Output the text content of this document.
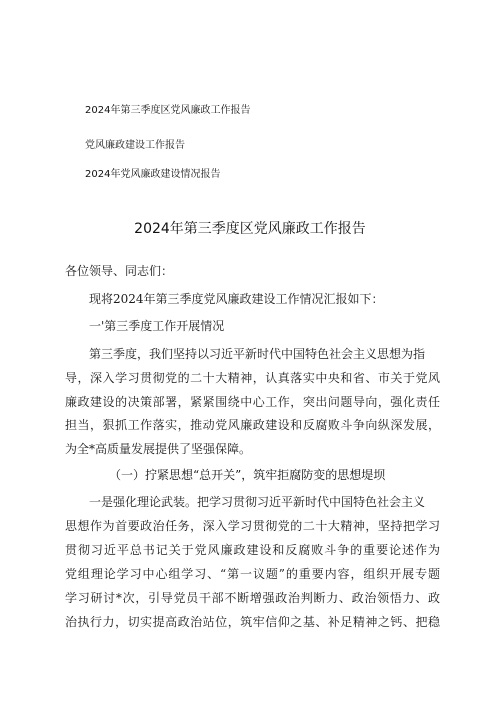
2024年第三季度区党风廉政工作报告
党风廉政建设工作报告
2024年党风廉政建设情况报告
2024年第三季度区党风廉政工作报告
各位领导、同志们：
现将2024年第三季度党风廉政建设工作情况汇报如下：
一'第三季度工作开展情况
第三季度，我们坚持以习近平新时代中国特色社会主义思想为指
导，深入学习贯彻党的二十大精神，认真落实中央和省、市关于党风
廉政建设的决策部署，紧紧围绕中心工作，突出问题导向，强化责任
担当，狠抓工作落实，推动党风廉政建设和反腐败斗争向纵深发展，
为全*高质量发展提供了坚强保障。
（一）拧紧思想“总开关”，筑牢拒腐防变的思想堤坝
一是强化理论武装。把学习贯彻习近平新时代中国特色社会主义
思想作为首要政治任务，深入学习贯彻党的二十大精神，坚持把学习
贯彻习近平总书记关于党风廉政建设和反腐败斗争的重要论述作为
党组理论学习中心组学习、“第一议题”的重要内容，组织开展专题
学习研讨*次，引导党员干部不断增强政治判断力、政治领悟力、政
治执行力，切实提高政治站位，筑牢信仰之基、补足精神之钙、把稳
